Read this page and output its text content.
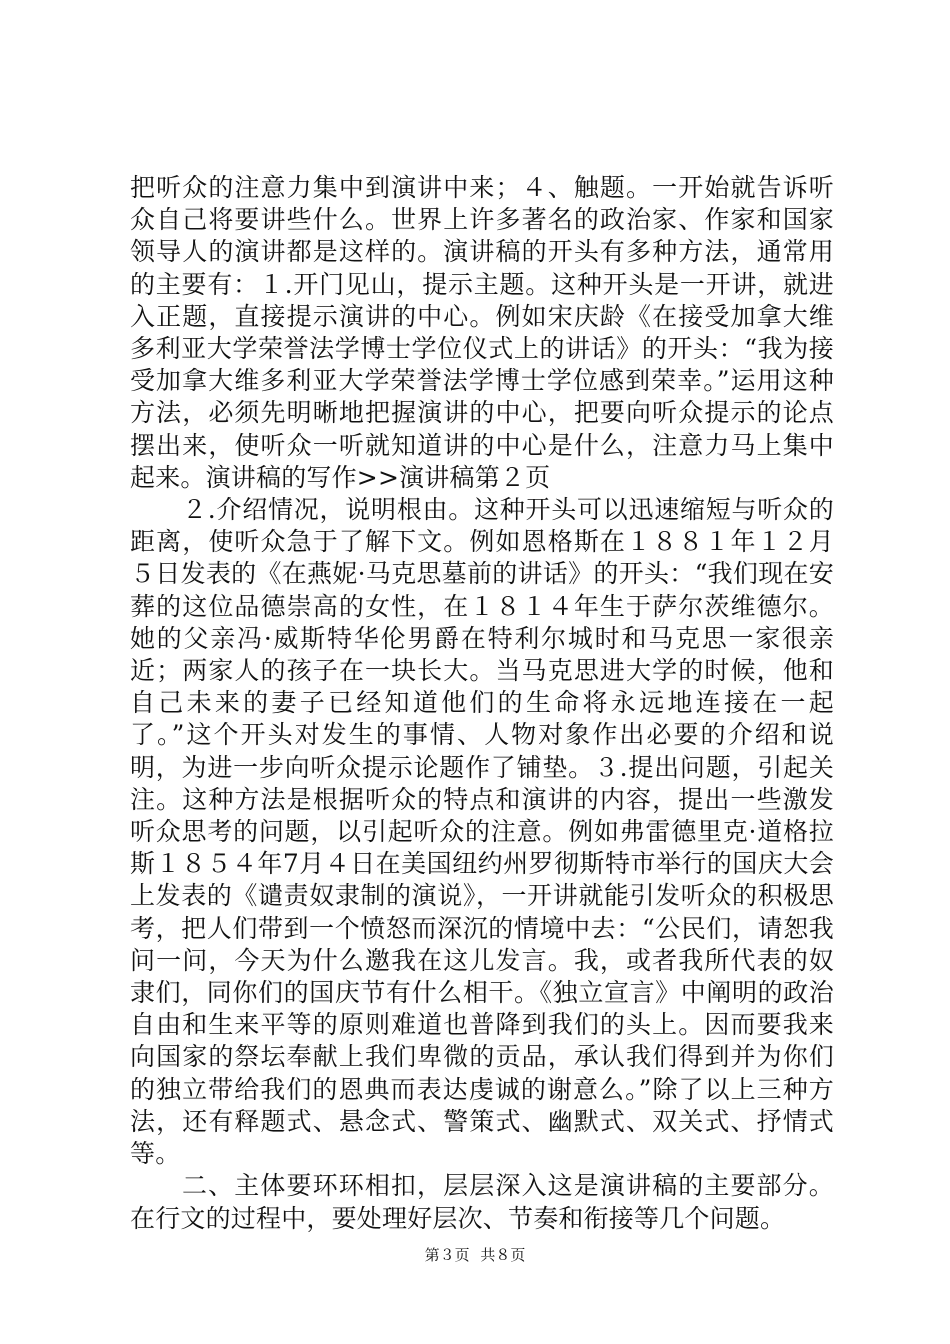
把听众的注意力集中到演讲中来；４、触题。一开始就告诉听众自己将要讲些什么。世界上许多著名的政治家、作家和国家领导人的演讲都是这样的。演讲稿的开头有多种方法，通常用的主要有：１.开门见山，提示主题。这种开头是一开讲，就进入正题，直接提示演讲的中心。例如宋庆龄《在接受加拿大维多利亚大学荣誉法学博士学位仪式上的讲话》的开头：“我为接受加拿大维多利亚大学荣誉法学博士学位感到荣幸。”运用这种方法，必须先明晰地把握演讲的中心，把要向听众提示的论点摆出来，使听众一听就知道讲的中心是什么，注意力马上集中起来。演讲稿的写作>>演讲稿第２页

２.介绍情况，说明根由。这种开头可以迅速缩短与听众的距离，使听众急于了解下文。例如恩格斯在１８８１年１２月５日发表的《在燕妮·马克思墓前的讲话》的开头：“我们现在安葬的这位品德崇高的女性，在１８１４年生于萨尔茨维德尔。她的父亲冯·威斯特华伦男爵在特利尔城时和马克思一家很亲近；两家人的孩子在一块长大。当马克思进大学的时候，他和自己未来的妻子已经知道他们的生命将永远地连接在一起了。”这个开头对发生的事情、人物对象作出必要的介绍和说明，为进一步向听众提示论题作了铺垫。３.提出问题，引起关注。这种方法是根据听众的特点和演讲的内容，提出一些激发听众思考的问题，以引起听众的注意。例如弗雷德里克·道格拉斯１８５４年7月４日在美国纽约州罗彻斯特市举行的国庆大会上发表的《谴责奴隶制的演说》，一开讲就能引发听众的积极思考，把人们带到一个愤怒而深沉的情境中去：“公民们，请恕我问一问，今天为什么邀我在这儿发言。我，或者我所代表的奴隶们，同你们的国庆节有什么相干。《独立宣言》中阐明的政治自由和生来平等的原则难道也普降到我们的头上。因而要我来向国家的祭坛奉献上我们卑微的贡品，承认我们得到并为你们的独立带给我们的恩典而表达虔诚的谢意么。”除了以上三种方法，还有释题式、悬念式、警策式、幽默式、双关式、抒情式等。

二、主体要环环相扣，层层深入这是演讲稿的主要部分。在行文的过程中，要处理好层次、节奏和衔接等几个问题。

第３页 共８页
